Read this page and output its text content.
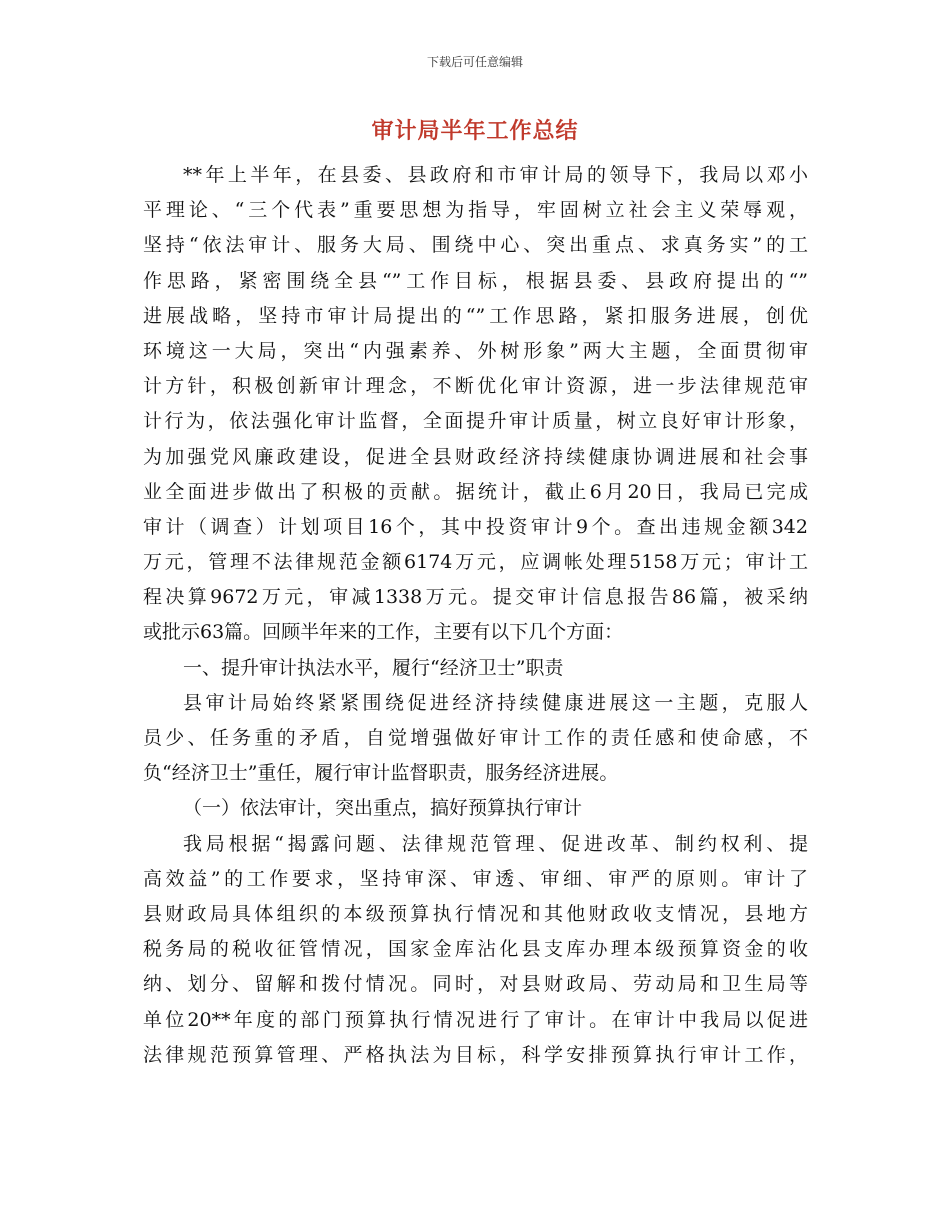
下载后可任意编辑
审计局半年工作总结
**年上半年，在县委、县政府和市审计局的领导下，我局以邓小
平理论、“三个代表”重要思想为指导，牢固树立社会主义荣辱观，
坚持“依法审计、服务大局、围绕中心、突出重点、求真务实”的工
作思路，紧密围绕全县“”工作目标，根据县委、县政府提出的“”
进展战略，坚持市审计局提出的“”工作思路，紧扣服务进展，创优
环境这一大局，突出“内强素养、外树形象”两大主题，全面贯彻审
计方针，积极创新审计理念，不断优化审计资源，进一步法律规范审
计行为，依法强化审计监督，全面提升审计质量，树立良好审计形象，
为加强党风廉政建设，促进全县财政经济持续健康协调进展和社会事
业全面进步做出了积极的贡献。据统计，截止6月20日，我局已完成
审计（调查）计划项目16个，其中投资审计9个。查出违规金额342
万元，管理不法律规范金额6174万元，应调帐处理5158万元；审计工
程决算9672万元，审减1338万元。提交审计信息报告86篇，被采纳
或批示63篇。回顾半年来的工作，主要有以下几个方面：
一、提升审计执法水平，履行“经济卫士”职责
县审计局始终紧紧围绕促进经济持续健康进展这一主题，克服人
员少、任务重的矛盾，自觉增强做好审计工作的责任感和使命感，不
负“经济卫士”重任，履行审计监督职责，服务经济进展。
（一）依法审计，突出重点，搞好预算执行审计
我局根据“揭露问题、法律规范管理、促进改革、制约权利、提
高效益”的工作要求，坚持审深、审透、审细、审严的原则。审计了
县财政局具体组织的本级预算执行情况和其他财政收支情况，县地方
税务局的税收征管情况，国家金库沾化县支库办理本级预算资金的收
纳、划分、留解和拨付情况。同时，对县财政局、劳动局和卫生局等
单位20**年度的部门预算执行情况进行了审计。在审计中我局以促进
法律规范预算管理、严格执法为目标，科学安排预算执行审计工作，
